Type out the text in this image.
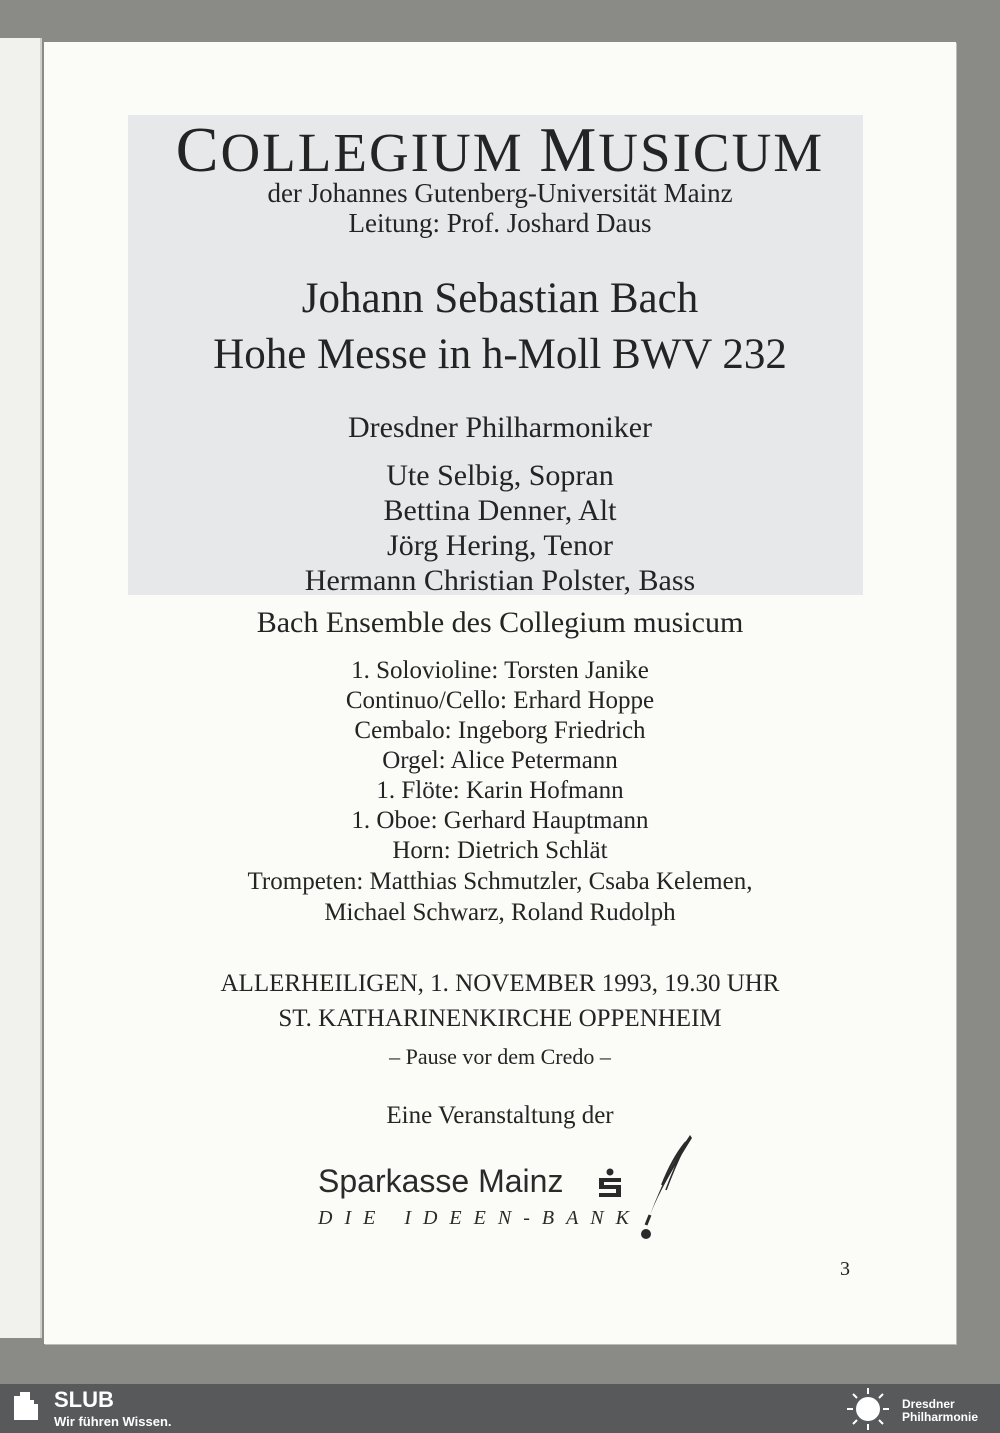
COLLEGIUM MUSICUM
der Johannes Gutenberg-Universität Mainz
Leitung: Prof. Joshard Daus
Johann Sebastian Bach
Hohe Messe in h-Moll BWV 232
Dresdner Philharmoniker
Ute Selbig, Sopran
Bettina Denner, Alt
Jörg Hering, Tenor
Hermann Christian Polster, Bass
Bach Ensemble des Collegium musicum
1. Solovioline: Torsten Janike
Continuo/Cello: Erhard Hoppe
Cembalo: Ingeborg Friedrich
Orgel: Alice Petermann
1. Flöte: Karin Hofmann
1. Oboe: Gerhard Hauptmann
Horn: Dietrich Schlät
Trompeten: Matthias Schmutzler, Csaba Kelemen,
Michael Schwarz, Roland Rudolph
ALLERHEILIGEN, 1. NOVEMBER 1993, 19.30 UHR
ST. KATHARINENKIRCHE OPPENHEIM
– Pause vor dem Credo –
Eine Veranstaltung der
Sparkasse Mainz
DIE IDEEN-BANK
3
SLUB
Wir führen Wissen.
Dresdner
Philharmonie
